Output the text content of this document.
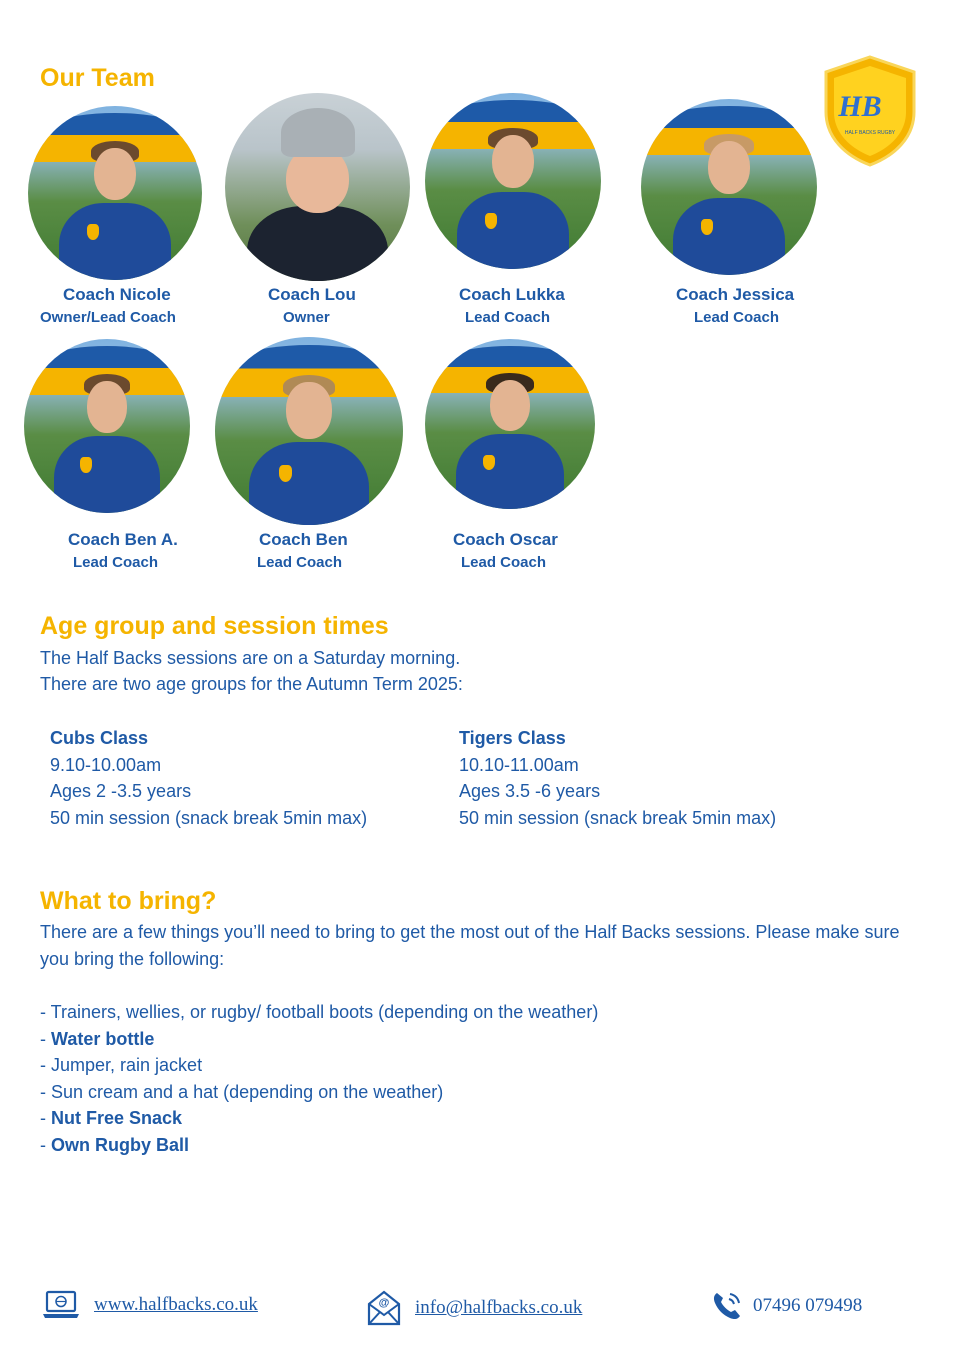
Our Team
HB
HALF BACKS RUGBY
Coach Nicole
Owner/Lead Coach
Coach Lou
Owner
Coach Lukka
Lead Coach
Coach Jessica
Lead Coach
Coach Ben A.
Lead Coach
Coach Ben
Lead Coach
Coach Oscar
Lead Coach
Age group and session times

The Half Backs sessions are on a Saturday morning.

There are two age groups for the Autumn Term 2025:

Cubs Class
9.10-10.00am
Ages 2 -3.5 years
50 min session (snack break 5min max)
Tigers Class
10.10-11.00am
Ages 3.5 -6 years
50 min session (snack break 5min max)
What to bring?

There are a few things you’ll need to bring to get the most out of the Half Backs sessions. Please make sure you bring the following:

- Trainers, wellies, or rugby/ football boots (depending on the weather)
- Water bottle
- Jumper, rain jacket
- Sun cream and a hat (depending on the weather)
- Nut Free Snack
- Own Rugby Ball
www.halfbacks.co.uk	@ info@halfbacks.co.uk	07496 079498
